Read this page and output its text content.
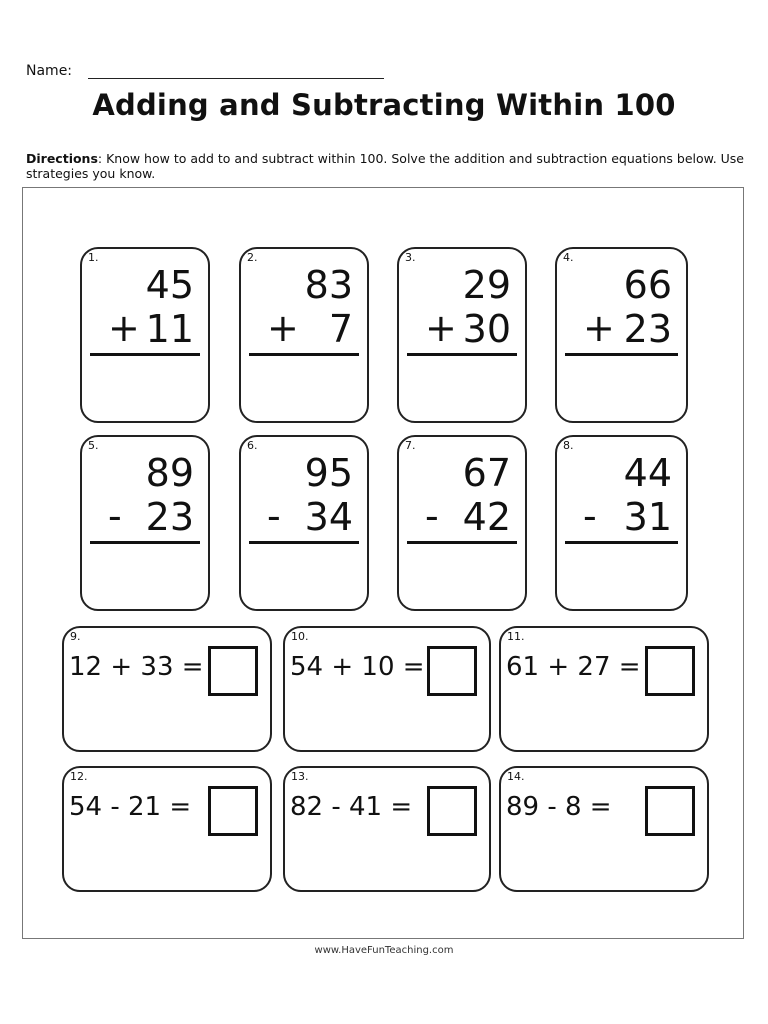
Name:
Adding and Subtracting Within 100
Directions: Know how to add to and subtract within 100. Solve the addition and subtraction equations below. Use strategies you know.
1.
45
+ 11
2.
83
+ 7
3.
29
+ 30
4.
66
+ 23
5.
89
- 23
6.
95
- 34
7.
67
- 42
8.
44
- 31
9.
12 + 33 =
10.
54 + 10 =
11.
61 + 27 =
12.
54 - 21 =
13.
82 - 41 =
14.
89 - 8 =
www.HaveFunTeaching.com
